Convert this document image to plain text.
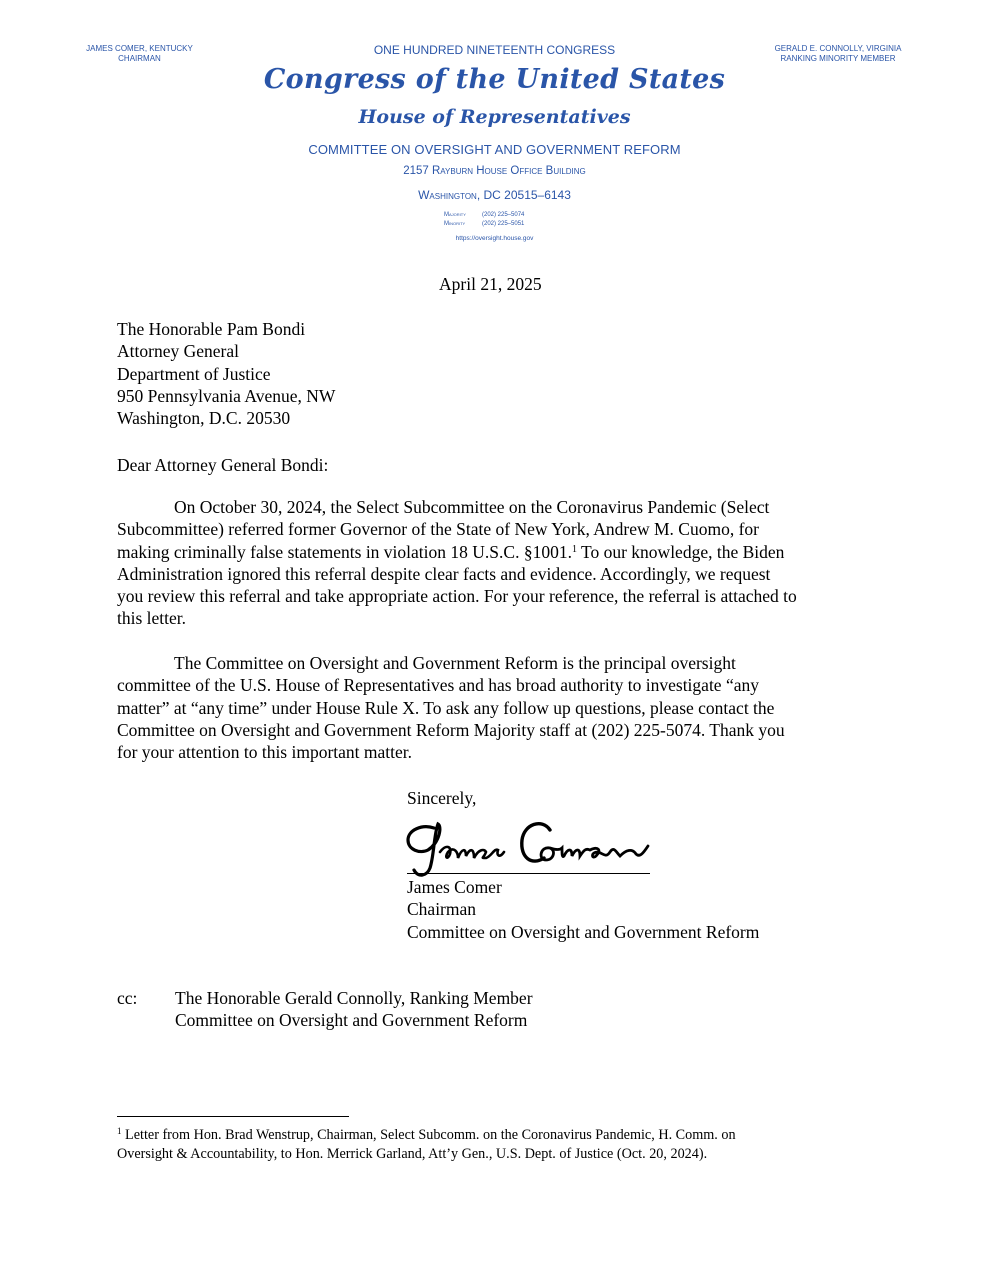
JAMES COMER, KENTUCKY
CHAIRMAN
ONE HUNDRED NINETEENTH CONGRESS	GERALD E. CONNOLLY, VIRGINIA
RANKING MINORITY MEMBER
Congress of the United States
House of Representatives
COMMITTEE ON OVERSIGHT AND GOVERNMENT REFORM
2157 Rayburn House Office Building
Washington, DC 20515–6143
Majority	(202) 225–5074
Minority	(202) 225–5051
https://oversight.house.gov
April 21, 2025
The Honorable Pam Bondi
Attorney General
Department of Justice
950 Pennsylvania Avenue, NW
Washington, D.C. 20530
Dear Attorney General Bondi:
On October 30, 2024, the Select Subcommittee on the Coronavirus Pandemic (Select
Subcommittee) referred former Governor of the State of New York, Andrew M. Cuomo, for
making criminally false statements in violation 18 U.S.C. §1001.$^1$ To our knowledge, the Biden
Administration ignored this referral despite clear facts and evidence. Accordingly, we request
you review this referral and take appropriate action. For your reference, the referral is attached to
this letter.
The Committee on Oversight and Government Reform is the principal oversight
committee of the U.S. House of Representatives and has broad authority to investigate “any
matter” at “any time” under House Rule X. To ask any follow up questions, please contact the
Committee on Oversight and Government Reform Majority staff at (202) 225-5074. Thank you
for your attention to this important matter.
Sincerely,
James Comer
Chairman
Committee on Oversight and Government Reform
cc: The Honorable Gerald Connolly, Ranking Member
Committee on Oversight and Government Reform
$^1$ Letter from Hon. Brad Wenstrup, Chairman, Select Subcomm. on the Coronavirus Pandemic, H. Comm. on
Oversight & Accountability, to Hon. Merrick Garland, Att’y Gen., U.S. Dept. of Justice (Oct. 20, 2024).
